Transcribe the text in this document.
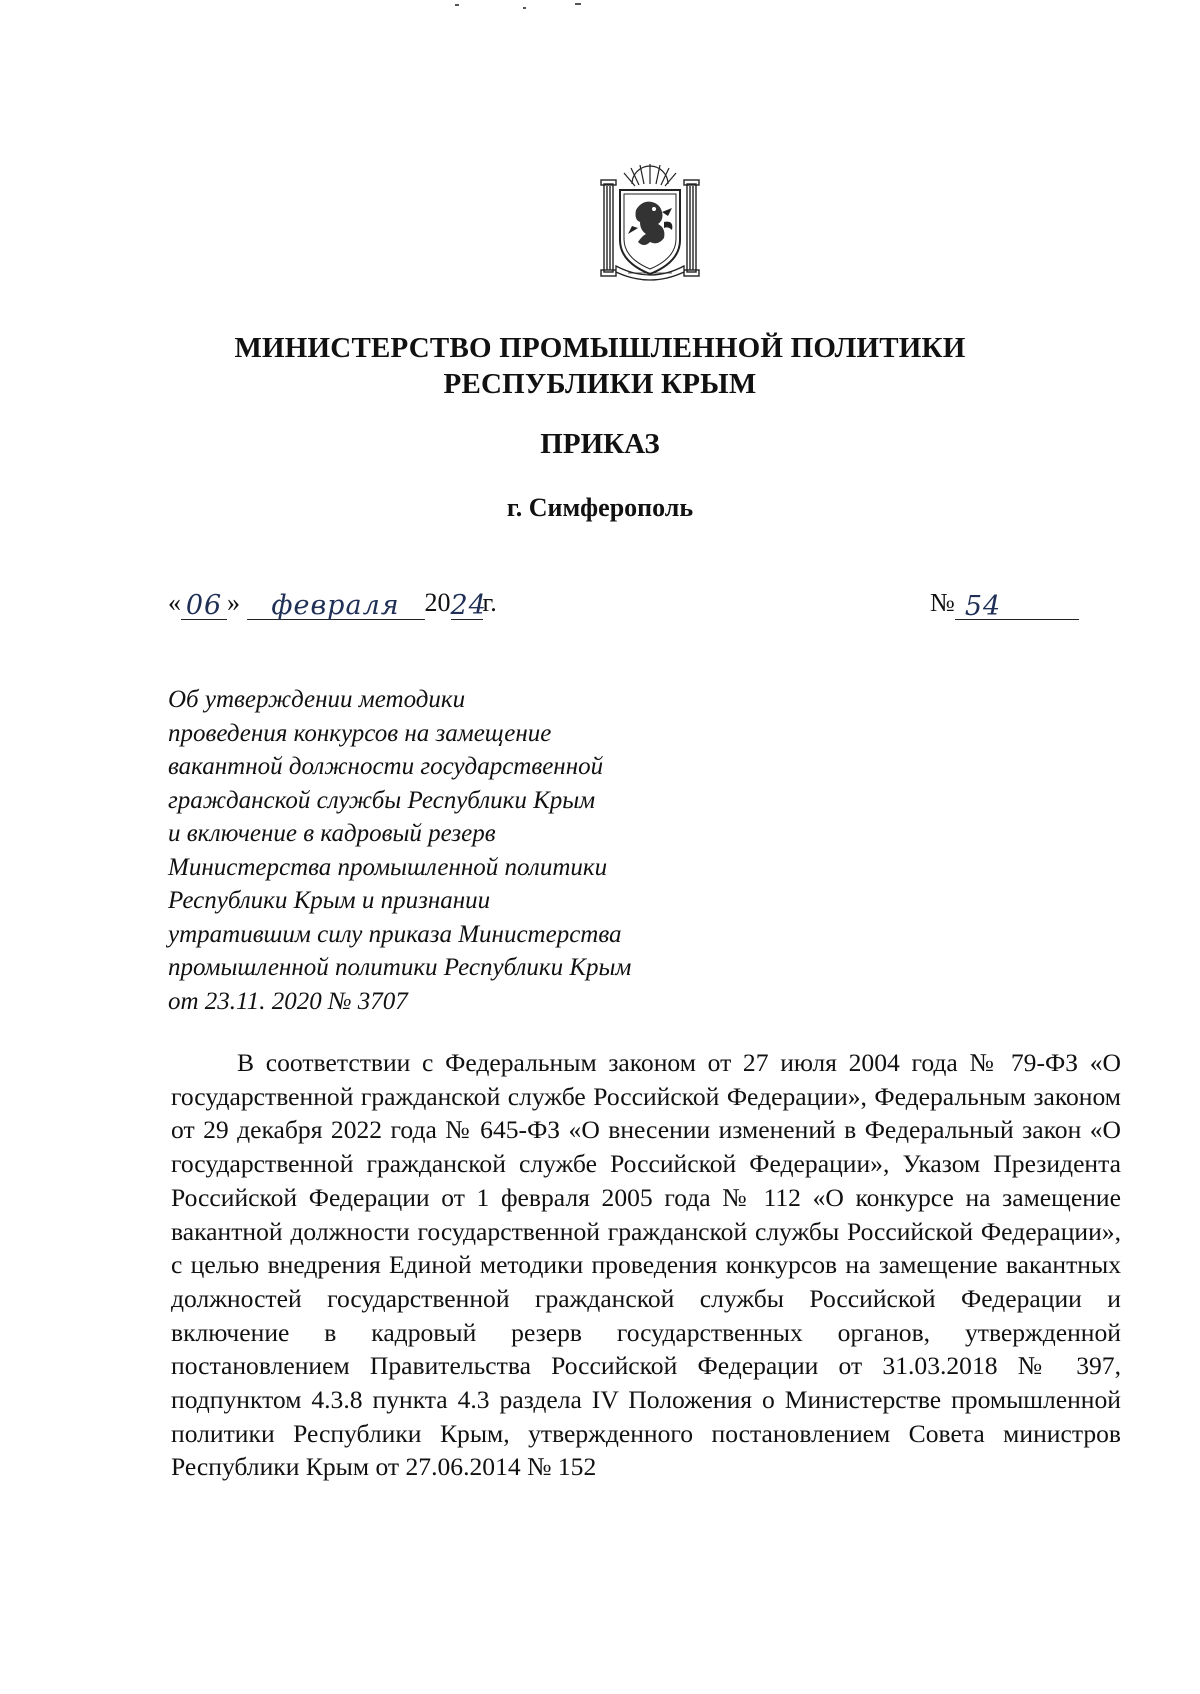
МИНИСТЕРСТВО ПРОМЫШЛЕННОЙ ПОЛИТИКИ
РЕСПУБЛИКИ КРЫМ
ПРИКАЗ
г. Симферополь
« 06 » февраля 2024г.	№ 54
Об утверждении методики
проведения конкурсов на замещение
вакантной должности государственной
гражданской службы Республики Крым
и включение в кадровый резерв
Министерства промышленной политики
Республики Крым и признании
утратившим силу приказа Министерства
промышленной политики Республики Крым
от 23.11. 2020 № 3707
В соответствии с Федеральным законом от 27 июля 2004 года № 79-ФЗ «О государственной гражданской службе Российской Федерации», Федеральным законом от 29 декабря 2022 года № 645-ФЗ «О внесении изменений в Федеральный закон «О государственной гражданской службе Российской Федерации», Указом Президента Российской Федерации от 1 февраля 2005 года № 112 «О конкурсе на замещение вакантной должности государственной гражданской службы Российской Федерации», с целью внедрения Единой методики проведения конкурсов на замещение вакантных должностей государственной гражданской службы Российской Федерации и включение в кадровый резерв государственных органов, утвержденной постановлением Правительства Российской Федерации от 31.03.2018 № 397, подпунктом 4.3.8 пункта 4.3 раздела IV Положения о Министерстве промышленной политики Республики Крым, утвержденного постановлением Совета министров Республики Крым от 27.06.2014 № 152
